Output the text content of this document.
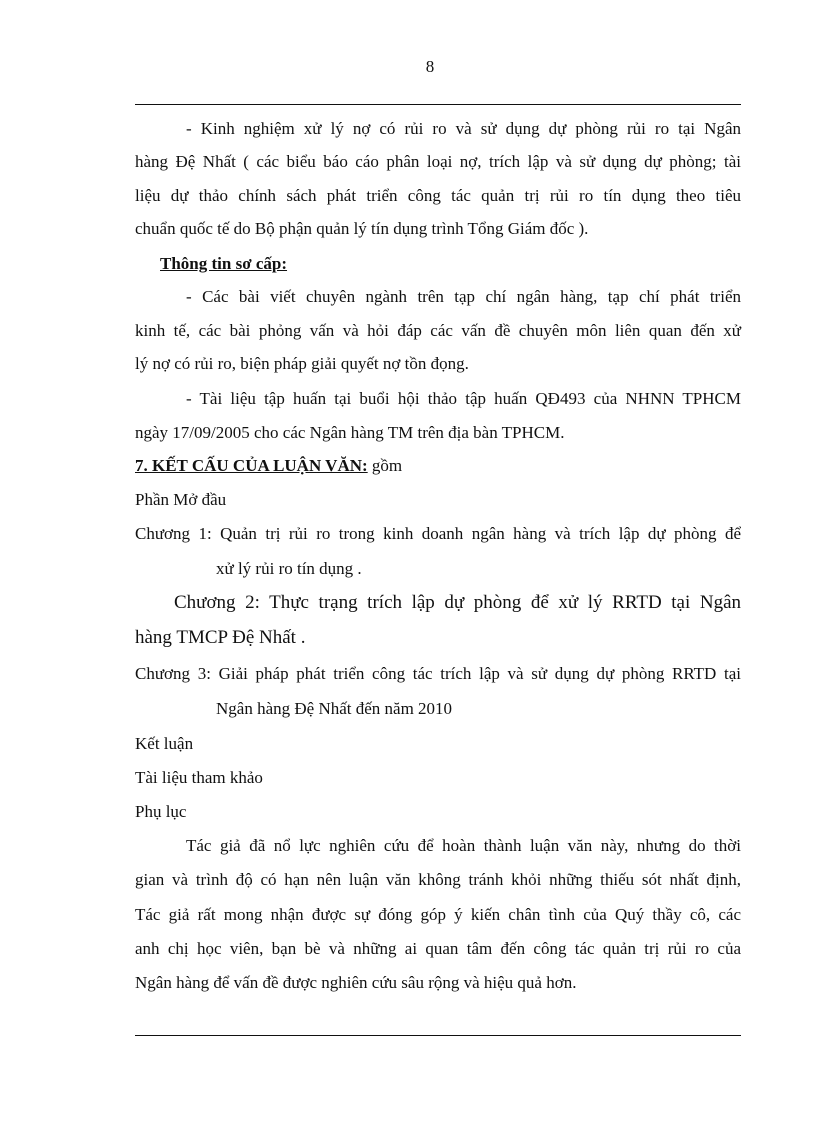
8
- Kinh nghiệm xử lý nợ có rủi ro và sử dụng dự phòng rủi ro tại Ngân
hàng Đệ Nhất ( các biểu báo cáo phân loại nợ, trích lập và sử dụng dự phòng; tài
liệu dự thảo chính sách phát triển công tác quản trị rủi ro tín dụng theo tiêu
chuẩn quốc tế do Bộ phận quản lý tín dụng trình Tổng Giám đốc ).
Thông tin sơ cấp:
- Các bài viết chuyên ngành trên tạp chí ngân hàng, tạp chí phát triển
kinh tế, các bài phỏng vấn và hỏi đáp các vấn đề chuyên môn liên quan đến xử
lý nợ có rủi ro, biện pháp giải quyết nợ tồn đọng.
- Tài liệu tập huấn tại buổi hội thảo tập huấn QĐ493 của NHNN TPHCM
ngày 17/09/2005 cho các Ngân hàng TM trên địa bàn TPHCM.
7. KẾT CẤU CỦA LUẬN VĂN: gồm
Phần Mở đầu
Chương 1: Quản trị rủi ro trong kinh doanh ngân hàng và trích lập dự phòng để
xử lý rủi ro tín dụng .
Chương 2: Thực trạng trích lập dự phòng để xử lý RRTD tại Ngân
hàng TMCP Đệ Nhất .
Chương 3: Giải pháp phát triển công tác trích lập và sử dụng dự phòng RRTD tại
Ngân hàng Đệ Nhất đến năm 2010
Kết luận
Tài liệu tham khảo
Phụ lục
Tác giả đã nổ lực nghiên cứu để hoàn thành luận văn này, nhưng do thời
gian và trình độ có hạn nên luận văn không tránh khỏi những thiếu sót nhất định,
Tác giả rất mong nhận được sự đóng góp ý kiến chân tình của Quý thầy cô, các
anh chị học viên, bạn bè và những ai quan tâm đến công tác quản trị rủi ro của
Ngân hàng để vấn đề được nghiên cứu sâu rộng và hiệu quả hơn.
